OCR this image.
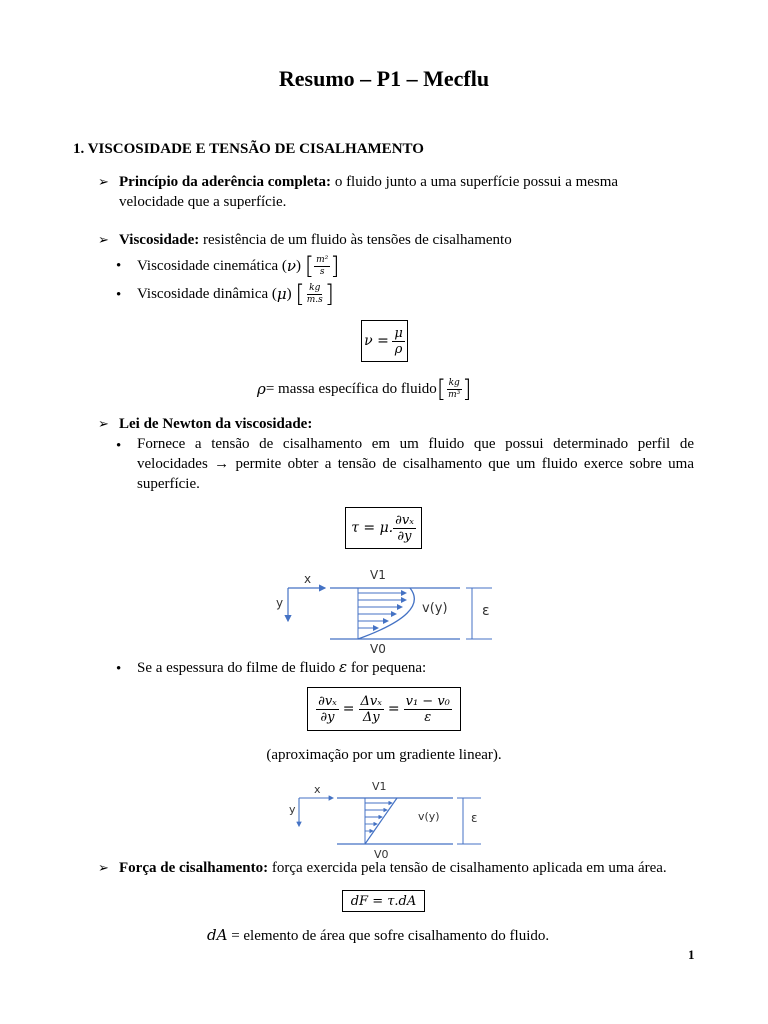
Resumo – P1 – Mecflu
1. VISCOSIDADE E TENSÃO DE CISALHAMENTO
➢ Princípio da aderência completa: o fluido junto a uma superfície possui a mesma
velocidade que a superfície.
➢ Viscosidade: resistência de um fluido às tensões de cisalhamento
• Viscosidade cinemática ( ν )
[ $\frac{\text{m²}}{s}$ ]
• Viscosidade dinâmica ( μ )
[ $\frac{kg}{m.s}$ ]
ν =
$\frac{\mu}{\rho}$
ρ = massa específica do fluido [ $\frac{kg}{\text{m³}}$ ]
➢ Lei de Newton da viscosidade:
• Fornece a tensão de cisalhamento em um fluido que possui determinado perfil de
velocidades → permite obter a tensão de cisalhamento que um fluido exerce sobre uma
superfície.
τ = μ. $\frac{\text{∂vₓ}}{\partial y}$
x
y
V1
V0
v(y) ε
• Se a espessura do filme de fluido ε for pequena:
$\frac{\text{∂vₓ}}{\partial y} = \frac{\text{Δvₓ}}{\Delta y} = \frac{\text{v₁ − v₀}}{\varepsilon}$
(aproximação por um gradiente linear).
x
y
V1
V0
v(y)	ε
➢ Força de cisalhamento: força exercida pela tensão de cisalhamento aplicada em uma área.
dF = τ.dA
dA = elemento de área que sofre cisalhamento do fluido.
1
